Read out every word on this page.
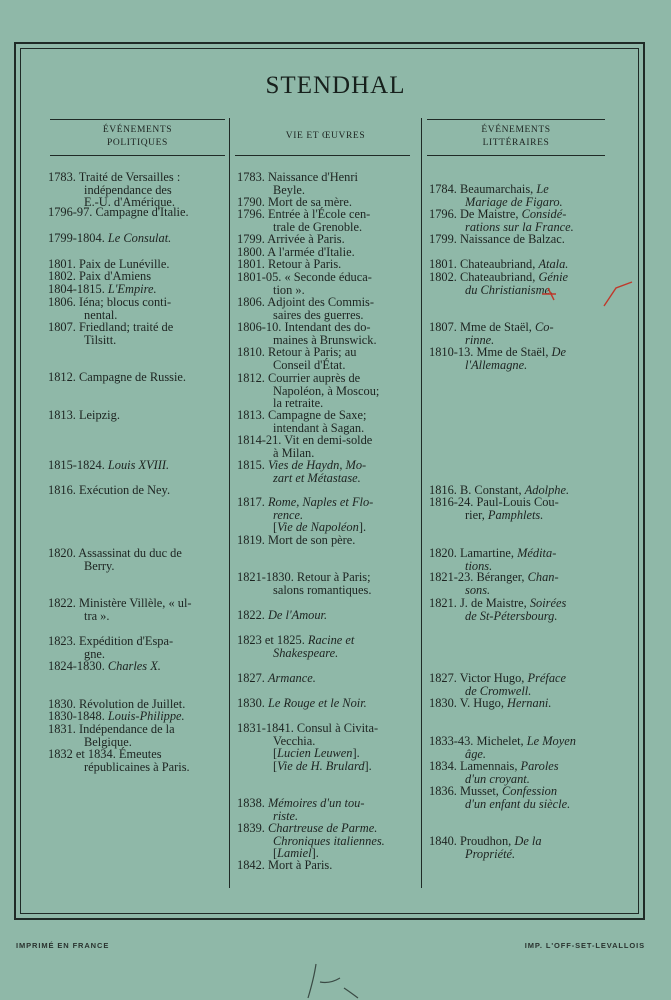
STENDHAL
ÉVÉNEMENTS
POLITIQUES
VIE ET ŒUVRES
ÉVÉNEMENTS
LITTÉRAIRES
1783. Traité de Versailles :
indépendance des
E.-U. d'Amérique.
1796-97. Campagne d'Italie.
1799-1804. Le Consulat.
1801. Paix de Lunéville.
1802. Paix d'Amiens
1804-1815. L'Empire.
1806. Iéna; blocus conti-
nental.
1807. Friedland; traité de
Tilsitt.
1812. Campagne de Russie.
1813. Leipzig.
1815-1824. Louis XVIII.
1816. Exécution de Ney.
1820. Assassinat du duc de
Berry.
1822. Ministère Villèle, « ul-
tra ».
1823. Expédition d'Espa-
gne.
1824-1830. Charles X.
1830. Révolution de Juillet.
1830-1848. Louis-Philippe.
1831. Indépendance de la
Belgique.
1832 et 1834. Émeutes
républicaines à Paris.
1783. Naissance d'Henri
Beyle.
1790. Mort de sa mère.
1796. Entrée à l'École cen-
trale de Grenoble.
1799. Arrivée à Paris.
1800. A l'armée d'Italie.
1801. Retour à Paris.
1801-05. « Seconde éduca-
tion ».
1806. Adjoint des Commis-
saires des guerres.
1806-10. Intendant des do-
maines à Brunswick.
1810. Retour à Paris; au
Conseil d'État.
1812. Courrier auprès de
Napoléon, à Moscou;
la retraite.
1813. Campagne de Saxe;
intendant à Sagan.
1814-21. Vit en demi-solde
à Milan.
1815. Vies de Haydn, Mo-
zart et Métastase.
1817. Rome, Naples et Flo-
rence.
[Vie de Napoléon].
1819. Mort de son père.
1821-1830. Retour à Paris;
salons romantiques.
1822. De l'Amour.
1823 et 1825. Racine et
Shakespeare.
1827. Armance.
1830. Le Rouge et le Noir.
1831-1841. Consul à Civita-
Vecchia.
[Lucien Leuwen].
[Vie de H. Brulard].
1838. Mémoires d'un tou-
riste.
1839. Chartreuse de Parme.
Chroniques italiennes.
[Lamiel].
1842. Mort à Paris.
1784. Beaumarchais, Le
Mariage de Figaro.
1796. De Maistre, Considé-
rations sur la France.
1799. Naissance de Balzac.
1801. Chateaubriand, Atala.
1802. Chateaubriand, Génie
du Christianisme.
1807. Mme de Staël, Co-
rinne.
1810-13. Mme de Staël, De
l'Allemagne.
1816. B. Constant, Adolphe.
1816-24. Paul-Louis Cou-
rier, Pamphlets.
1820. Lamartine, Médita-
tions.
1821-23. Béranger, Chan-
sons.
1821. J. de Maistre, Soirées
de St-Pétersbourg.
1827. Victor Hugo, Préface
de Cromwell.
1830. V. Hugo, Hernani.
1833-43. Michelet, Le Moyen
âge.
1834. Lamennais, Paroles
d'un croyant.
1836. Musset, Confession
d'un enfant du siècle.
1840. Proudhon, De la
Propriété.
IMPRIMÉ EN FRANCE	IMP. L'OFF-SET-LEVALLOIS
